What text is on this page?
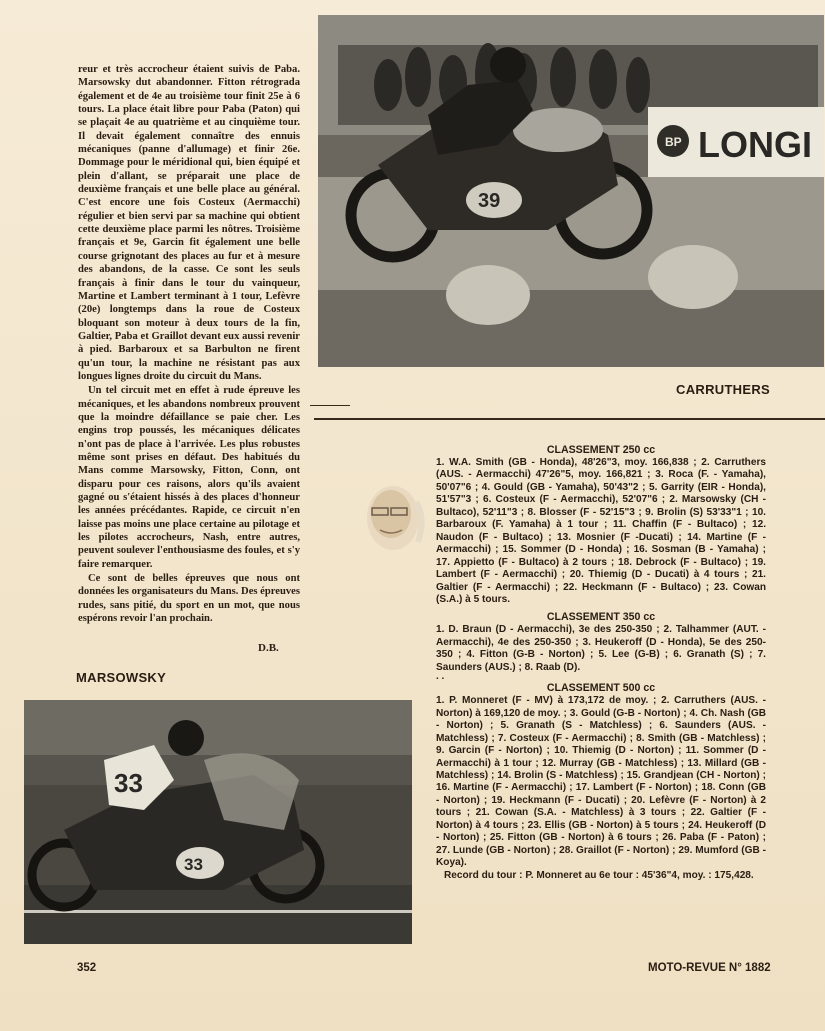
reur et très accrocheur étaient suivis de Paba. Marsowsky dut abandonner. Fitton rétrograda également et de 4e au troisième tour finit 25e à 6 tours. La place était libre pour Paba (Paton) qui se plaçait 4e au quatrième et au cinquième tour. Il devait également connaître des ennuis mécaniques (panne d'allumage) et finir 26e. Dommage pour le méridional qui, bien équipé et plein d'allant, se préparait une place de deuxième français et une belle place au général. C'est encore une fois Costeux (Aermacchi) régulier et bien servi par sa machine qui obtient cette deuxième place parmi les nôtres. Troisième français et 9e, Garcin fit également une belle course grignotant des places au fur et à mesure des abandons, de la casse. Ce sont les seuls français à finir dans le tour du vainqueur, Martine et Lambert terminant à 1 tour, Lefèvre (20e) longtemps dans la roue de Costeux bloquant son moteur à deux tours de la fin, Galtier, Paba et Graillot devant eux aussi revenir à pied. Barbaroux et sa Barbulton ne firent qu'un tour, la machine ne résistant pas aux longues lignes droite du circuit du Mans.

Un tel circuit met en effet à rude épreuve les mécaniques, et les abandons nombreux prouvent que la moindre défaillance se paie cher. Les engins trop poussés, les mécaniques délicates n'ont pas de place à l'arrivée. Les plus robustes même sont prises en défaut. Des habitués du Mans comme Marsowsky, Fitton, Conn, ont disparu pour ces raisons, alors qu'ils avaient gagné ou s'étaient hissés à des places d'honneur les années précédantes. Rapide, ce circuit n'en laisse pas moins une place certaine au pilotage et les pilotes accrocheurs, Nash, entre autres, peuvent soulever l'enthousiasme des foules, et s'y faire remarquer.

Ce sont de belles épreuves que nous ont données les organisateurs du Mans. Des épreuves rudes, sans pitié, du sport en un mot, que nous espérons revoir l'an prochain.

D.B.
BP LONGI
39
CARRUTHERS
CLASSEMENT 250 cc

1. W.A. Smith (GB - Honda), 48'26"3, moy. 166,838 ; 2. Carruthers (AUS. - Aermacchi) 47'26"5, moy. 166,821 ; 3. Roca (F. - Yamaha), 50'07"6 ; 4. Gould (GB - Yamaha), 50'43"2 ; 5. Garrity (EIR - Honda), 51'57"3 ; 6. Costeux (F - Aermacchi), 52'07"6 ; 2. Marsowsky (CH - Bultaco), 52'11"3 ; 8. Blosser (F - 52'15"3 ; 9. Brolin (S) 53'33"1 ; 10. Barbaroux (F. Yamaha) à 1 tour ; 11. Chaffin (F - Bultaco) ; 12. Naudon (F - Bultaco) ; 13. Mosnier (F -Ducati) ; 14. Martine (F - Aermacchi) ; 15. Sommer (D - Honda) ; 16. Sosman (B - Yamaha) ; 17. Appietto (F - Bultaco) à 2 tours ; 18. Debrock (F - Bultaco) ; 19. Lambert (F - Aermacchi) ; 20. Thiemig (D - Ducati) à 4 tours ; 21. Galtier (F - Aermacchi) ; 22. Heckmann (F - Bultaco) ; 23. Cowan (S.A.) à 5 tours.

CLASSEMENT 350 cc

1. D. Braun (D - Aermacchi), 3e des 250-350 ; 2. Talhammer (AUT. - Aermacchi), 4e des 250-350 ; 3. Heukeroff (D - Honda), 5e des 250-350 ; 4. Fitton (G-B - Norton) ; 5. Lee (G-B) ; 6. Granath (S) ; 7. Saunders (AUS.) ; 8. Raab (D).

. .
CLASSEMENT 500 cc

1. P. Monneret (F - MV) à 173,172 de moy. ; 2. Carruthers (AUS. - Norton) à 169,120 de moy. ; 3. Gould (G-B - Norton) ; 4. Ch. Nash (GB - Norton) ; 5. Granath (S - Matchless) ; 6. Saunders (AUS. - Matchless) ; 7. Costeux (F - Aermacchi) ; 8. Smith (GB - Matchless) ; 9. Garcin (F - Norton) ; 10. Thiemig (D - Norton) ; 11. Sommer (D - Aermacchi) à 1 tour ; 12. Murray (GB - Matchless) ; 13. Millard (GB - Matchless) ; 14. Brolin (S - Matchless) ; 15. Grandjean (CH - Norton) ; 16. Martine (F - Aermacchi) ; 17. Lambert (F - Norton) ; 18. Conn (GB - Norton) ; 19. Heckmann (F - Ducati) ; 20. Lefèvre (F - Norton) à 2 tours ; 21. Cowan (S.A. - Matchless) à 3 tours ; 22. Galtier (F - Norton) à 4 tours ; 23. Ellis (GB - Norton) à 5 tours ; 24. Heukeroff (D - Norton) ; 25. Fitton (GB - Norton) à 6 tours ; 26. Paba (F - Paton) ; 27. Lunde (GB - Norton) ; 28. Graillot (F - Norton) ; 29. Mumford (GB - Koya).

Record du tour : P. Monneret au 6e tour : 45'36"4, moy. : 175,428.

MARSOWSKY
33
33
352	MOTO-REVUE N° 1882
